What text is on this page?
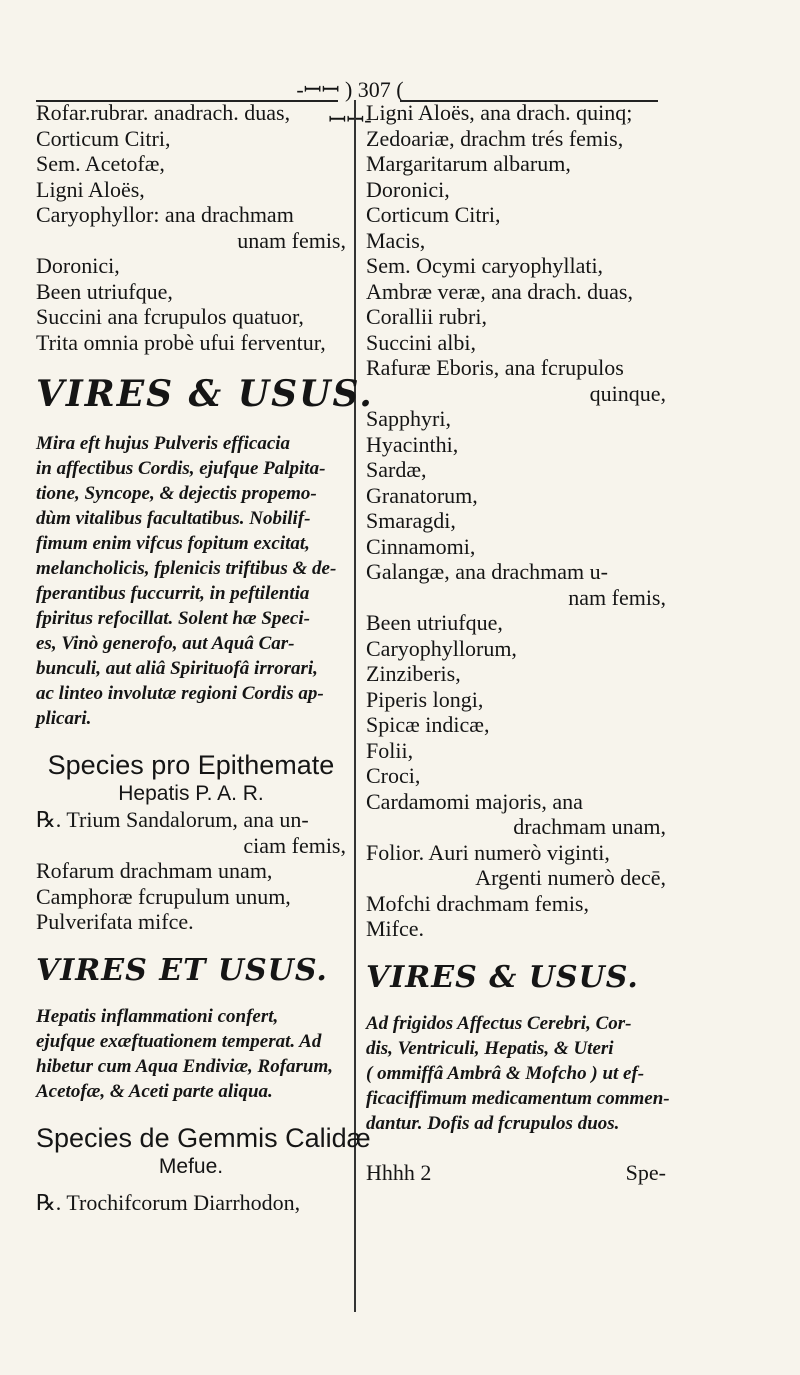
-ꟷꟷ ) 307 ( ꟷꟷ-
Rofar.rubrar. anadrach. duas,
Corticum Citri,
Sem. Acetofæ,
Ligni Aloës,
Caryophyllor: ana drachmam
unam femis,
Doronici,
Been utriufque,
Succini ana fcrupulos quatuor,
Trita omnia probè ufui ferventur,
VIRES & USUS.
Mira eft hujus Pulveris efficacia
in affectibus Cordis, ejufque Palpita-
tione, Syncope, & dejectis propemo-
dùm vitalibus facultatibus. Nobilif-
fimum enim vifcus fopitum excitat,
melancholicis, fplenicis triftibus & de-
fperantibus fuccurrit, in peftilentia
fpiritus refocillat. Solent hæ Speci-
es, Vinò generofo, aut Aquâ Car-
bunculi, aut aliâ Spirituofâ irrorari,
ac linteo involutæ regioni Cordis ap-
plicari.
Species pro Epithemate
Hepatis P. A. R.
℞. Trium Sandalorum, ana un-
ciam femis,
Rofarum drachmam unam,
Camphoræ fcrupulum unum,
Pulverifata mifce.
VIRES ET USUS.
Hepatis inflammationi confert,
ejufque exæftuationem temperat. Ad
hibetur cum Aqua Endiviæ, Rofarum,
Acetofæ, & Aceti parte aliqua.
Species de Gemmis Calidæ
Mefue.
℞. Trochifcorum Diarrhodon,
Ligni Aloës, ana drach. quinq;
Zedoariæ, drachm trés femis,
Margaritarum albarum,
Doronici,
Corticum Citri,
Macis,
Sem. Ocymi caryophyllati,
Ambræ veræ, ana drach. duas,
Corallii rubri,
Succini albi,
Rafuræ Eboris, ana fcrupulos
quinque,
Sapphyri,
Hyacinthi,
Sardæ,
Granatorum,
Smaragdi,
Cinnamomi,
Galangæ, ana drachmam u-
nam femis,
Been utriufque,
Caryophyllorum,
Zinziberis,
Piperis longi,
Spicæ indicæ,
Folii,
Croci,
Cardamomi majoris, ana
drachmam unam,
Folior. Auri numerò viginti,
Argenti numerò decē,
Mofchi drachmam femis,
Mifce.
VIRES & USUS.
Ad frigidos Affectus Cerebri, Cor-
dis, Ventriculi, Hepatis, & Uteri
( ommiffâ Ambrâ & Mofcho ) ut ef-
ficaciffimum medicamentum commen-
dantur. Dofis ad fcrupulos duos.
Hhhh 2	Spe-
